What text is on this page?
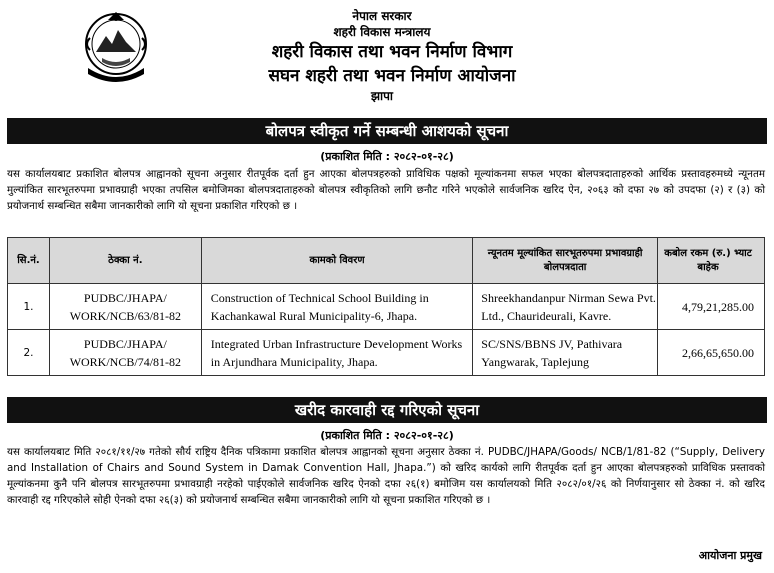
नेपाल सरकार
शहरी विकास मन्त्रालय
शहरी विकास तथा भवन निर्माण विभाग
सघन शहरी तथा भवन निर्माण आयोजना
झापा
बोलपत्र स्वीकृत गर्ने सम्बन्धी आशयको सूचना
(प्रकाशित मिति : २०८२-०१-२८)
यस कार्यालयबाट प्रकाशित बोलपत्र आह्वानको सूचना अनुसार रीतपूर्वक दर्ता हुन आएका बोलपत्रहरुको प्राविधिक पक्षको मूल्यांकनमा सफल भएका बोलपत्रदाताहरुको आर्थिक प्रस्तावहरुमध्ये न्यूनतम मुल्यांकित सारभूतरुपमा प्रभावग्राही भएका तपसिल बमोजिमका बोलपत्रदाताहरुको बोलपत्र स्वीकृतिको लागि छनौट गरिने भएकोले सार्वजनिक खरिद ऐन, २०६३ को दफा २७ को उपदफा (२) र (३) को प्रयोजनार्थ सम्बन्धित सबैमा जानकारीको लागि यो सूचना प्रकाशित गरिएको छ ।
सि.नं.	ठेक्का नं.	कामको विवरण	न्यूनतम मूल्यांकित सारभूतरुपमा प्रभावग्राही बोलपत्रदाता	कबोल रकम (रु.) भ्याट बाहेक
1.	PUDBC/JHAPA/ WORK/NCB/63/81-82	Construction of Technical School Building in Kachankawal Rural Municipality-6, Jhapa.	Shreekhandanpur Nirman Sewa Pvt. Ltd., Chaurideurali, Kavre.	4,79,21,285.00
2.	PUDBC/JHAPA/ WORK/NCB/74/81-82	Integrated Urban Infrastructure Development Works in Arjundhara Municipality, Jhapa.	SC/SNS/BBNS JV, Pathivara Yangwarak, Taplejung	2,66,65,650.00
खरीद कारवाही रद्द गरिएको सूचना
(प्रकाशित मिति : २०८२-०१-२८)
यस कार्यालयबाट मिति २०८१/११/२७ गतेको सौर्य राष्ट्रिय दैनिक पत्रिकामा प्रकाशित बोलपत्र आह्वानको सूचना अनुसार ठेक्का नं. PUDBC/JHAPA/Goods/ NCB/1/81-82 (“Supply, Delivery and Installation of Chairs and Sound System in Damak Convention Hall, Jhapa.”) को खरिद कार्यको लागि रीतपूर्वक दर्ता हुन आएका बोलपत्रहरुको प्राविधिक प्रस्तावको मूल्यांकनमा कुनै पनि बोलपत्र सारभूतरुपमा प्रभावग्राही नरहेको पाईएकोले सार्वजनिक खरिद ऐनको दफा २६(१) बमोजिम यस कार्यालयको मिति २०८२/०१/२६ को निर्णयानुसार सो ठेक्का नं. को खरिद कारवाही रद्द गरिएकोले सोही ऐनको दफा २६(३) को प्रयोजनार्थ सम्बन्धित सबैमा जानकारीको लागि यो सूचना प्रकाशित गरिएको छ ।
आयोजना प्रमुख
